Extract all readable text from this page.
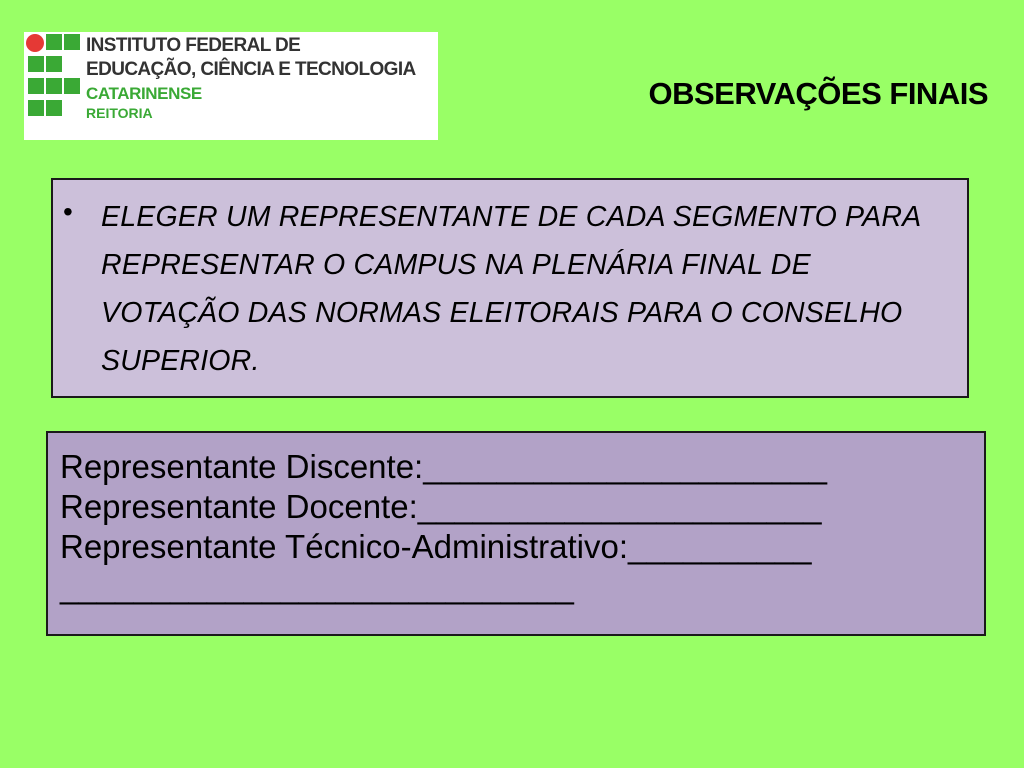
INSTITUTO FEDERAL DE
EDUCAÇÃO, CIÊNCIA E TECNOLOGIA
CATARINENSE
REITORIA
OBSERVAÇÕES FINAIS
• ELEGER UM REPRESENTANTE DE CADA SEGMENTO PARA REPRESENTAR O CAMPUS NA PLENÁRIA FINAL DE VOTAÇÃO DAS NORMAS ELEITORAIS PARA O CONSELHO SUPERIOR.
Representante Discente:______________________
Representante Docente:______________________
Representante Técnico-Administrativo:__________
____________________________
